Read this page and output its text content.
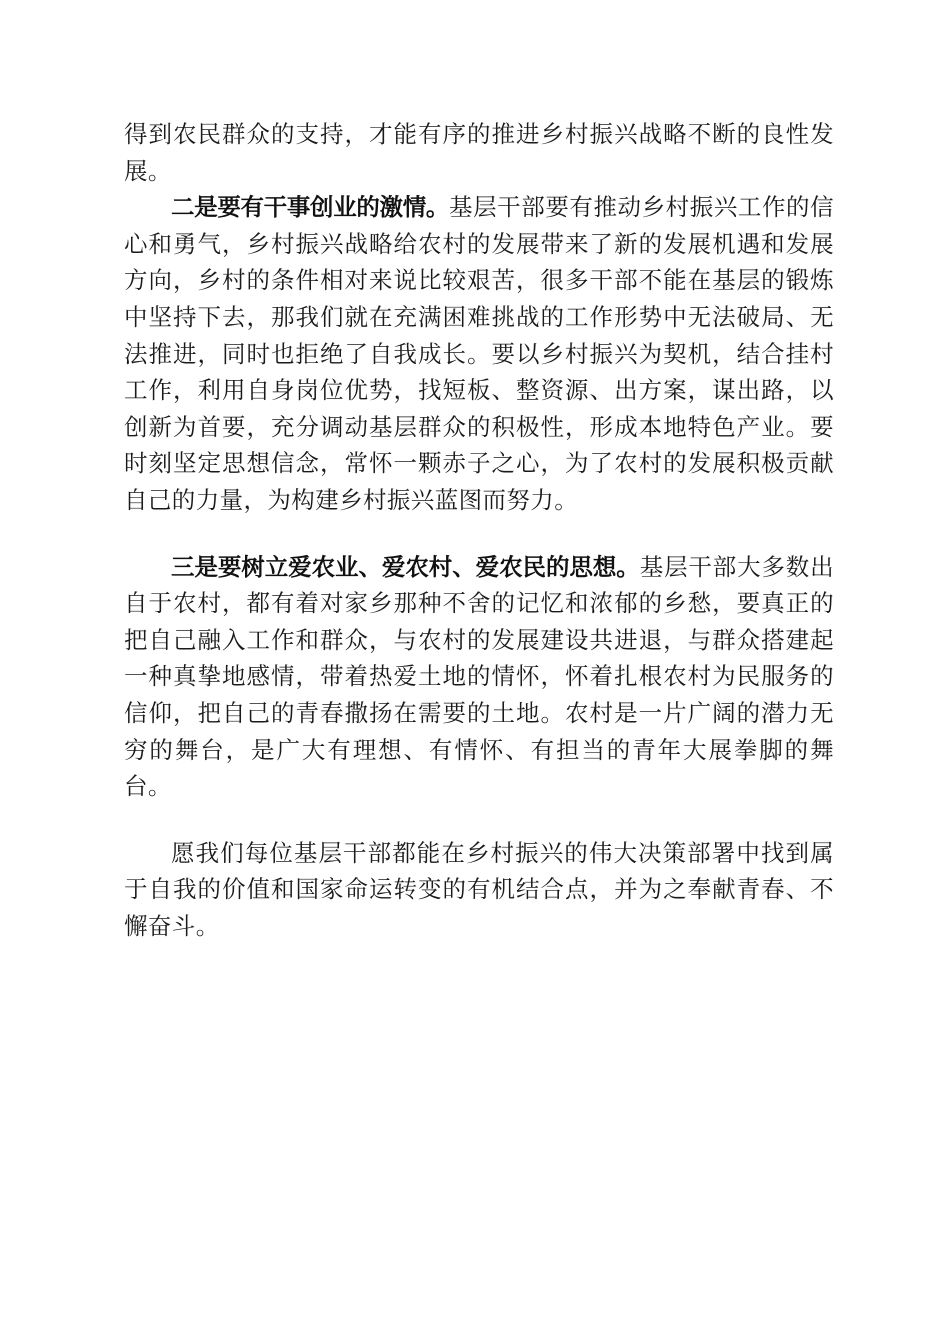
得到农民群众的支持，才能有序的推进乡村振兴战略不断的良性发展。

二是要有干事创业的激情。基层干部要有推动乡村振兴工作的信心和勇气，乡村振兴战略给农村的发展带来了新的发展机遇和发展方向，乡村的条件相对来说比较艰苦，很多干部不能在基层的锻炼中坚持下去，那我们就在充满困难挑战的工作形势中无法破局、无法推进，同时也拒绝了自我成长。要以乡村振兴为契机，结合挂村工作，利用自身岗位优势，找短板、整资源、出方案，谋出路，以创新为首要，充分调动基层群众的积极性，形成本地特色产业。要时刻坚定思想信念，常怀一颗赤子之心，为了农村的发展积极贡献自己的力量，为构建乡村振兴蓝图而努力。

三是要树立爱农业、爱农村、爱农民的思想。基层干部大多数出自于农村，都有着对家乡那种不舍的记忆和浓郁的乡愁，要真正的把自己融入工作和群众，与农村的发展建设共进退，与群众搭建起一种真挚地感情，带着热爱土地的情怀，怀着扎根农村为民服务的信仰，把自己的青春撒扬在需要的土地。农村是一片广阔的潜力无穷的舞台，是广大有理想、有情怀、有担当的青年大展拳脚的舞台。

愿我们每位基层干部都能在乡村振兴的伟大决策部署中找到属于自我的价值和国家命运转变的有机结合点，并为之奉献青春、不懈奋斗。
